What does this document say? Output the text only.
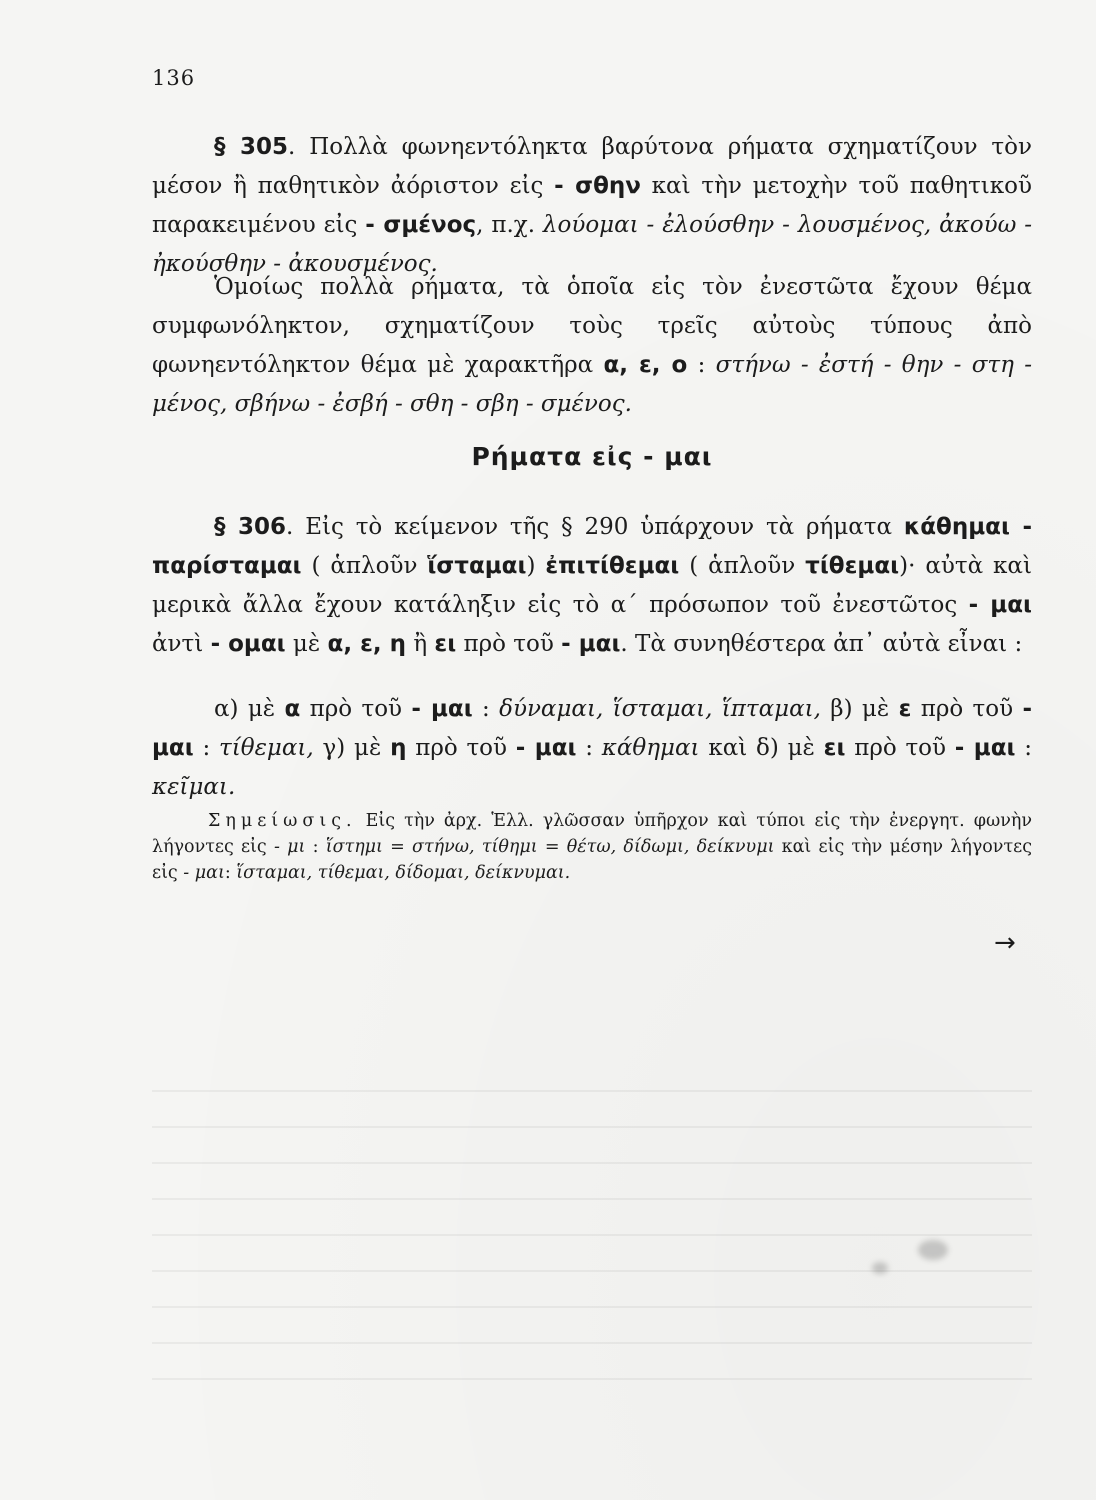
136

§ 305. Πολλὰ φωνηεντόληκτα βαρύτονα ρήματα σχηματίζουν τὸν μέσον ἢ παθητικὸν ἀόριστον εἰς - σθην καὶ τὴν μετοχὴν τοῦ παθητικοῦ παρακειμένου εἰς - σμένος, π.χ. λούομαι - ἐλούσθην - λουσμένος, ἀκούω - ἠκούσθην - ἀκουσμένος.

Ὁμοίως πολλὰ ρήματα, τὰ ὁποῖα εἰς τὸν ἐνεστῶτα ἔχουν θέμα συμφωνόληκτον, σχηματίζουν τοὺς τρεῖς αὐτοὺς τύπους ἀπὸ φωνηεντόληκτον θέμα μὲ χαρακτῆρα α, ε, ο : στήνω - ἐστή - θην - στη - μένος, σβήνω - ἐσβή - σθη - σβη - σμένος.

Ρήματα εἰς - μαι

§ 306. Εἰς τὸ κείμενον τῆς § 290 ὑπάρχουν τὰ ρήματα κάθημαι - παρίσταμαι ( ἁπλοῦν ἵσταμαι) ἐπιτίθεμαι ( ἁπλοῦν τίθεμαι)· αὐτὰ καὶ μερικὰ ἄλλα ἔχουν κατάληξιν εἰς τὸ α΄ πρόσωπον τοῦ ἐνεστῶτος - μαι ἀντὶ - ομαι μὲ α, ε, η ἢ ει πρὸ τοῦ - μαι. Τὰ συνηθέστερα ἀπ᾿ αὐτὰ εἶναι :

α) μὲ α πρὸ τοῦ - μαι : δύναμαι, ἵσταμαι, ἵπταμαι, β) μὲ ε πρὸ τοῦ - μαι : τίθεμαι, γ) μὲ η πρὸ τοῦ - μαι : κάθημαι καὶ δ) μὲ ει πρὸ τοῦ - μαι : κεῖμαι.

Σημείωσις. Εἰς τὴν ἀρχ. Ἑλλ. γλῶσσαν ὑπῆρχον καὶ τύποι εἰς τὴν ἐνεργητ. φωνὴν λήγοντες εἰς - μι : ἵστημι = στήνω, τίθημι = θέτω, δίδωμι, δείκνυμι καὶ εἰς τὴν μέσην λήγοντες εἰς - μαι: ἵσταμαι, τίθεμαι, δίδομαι, δείκνυμαι.

→
